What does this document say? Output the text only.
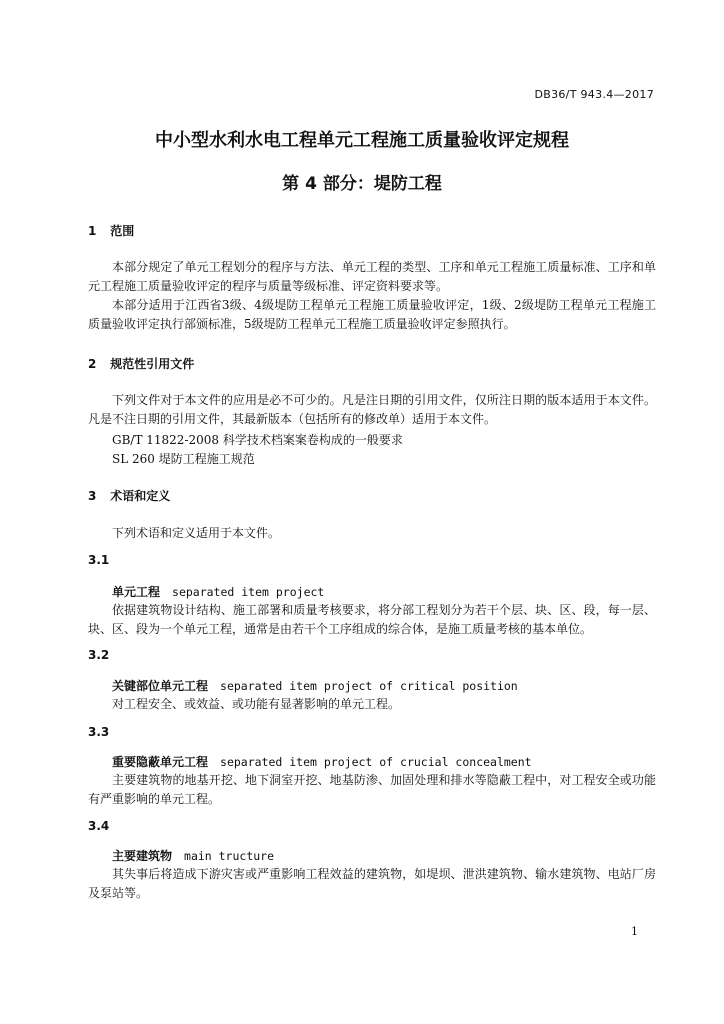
DB36/T 943.4—2017
中小型水利水电工程单元工程施工质量验收评定规程
第 4 部分：堤防工程
1 范围
本部分规定了单元工程划分的程序与方法、单元工程的类型、工序和单元工程施工质量标准、工序和单元工程施工质量验收评定的程序与质量等级标准、评定资料要求等。
本部分适用于江西省3级、4级堤防工程单元工程施工质量验收评定，1级、2级堤防工程单元工程施工质量验收评定执行部颁标准，5级堤防工程单元工程施工质量验收评定参照执行。
2 规范性引用文件
下列文件对于本文件的应用是必不可少的。凡是注日期的引用文件，仅所注日期的版本适用于本文件。凡是不注日期的引用文件，其最新版本（包括所有的修改单）适用于本文件。
GB/T 11822-2008 科学技术档案案卷构成的一般要求
SL 260 堤防工程施工规范
3 术语和定义
下列术语和定义适用于本文件。
3.1
单元工程 separated item project
依据建筑物设计结构、施工部署和质量考核要求，将分部工程划分为若干个层、块、区、段，每一层、块、区、段为一个单元工程，通常是由若干个工序组成的综合体，是施工质量考核的基本单位。
3.2
关键部位单元工程 separated item project of critical position
对工程安全、或效益、或功能有显著影响的单元工程。
3.3
重要隐蔽单元工程 separated item project of crucial concealment
主要建筑物的地基开挖、地下洞室开挖、地基防渗、加固处理和排水等隐蔽工程中，对工程安全或功能有严重影响的单元工程。
3.4
主要建筑物 main tructure
其失事后将造成下游灾害或严重影响工程效益的建筑物，如堤坝、泄洪建筑物、输水建筑物、电站厂房及泵站等。
1
